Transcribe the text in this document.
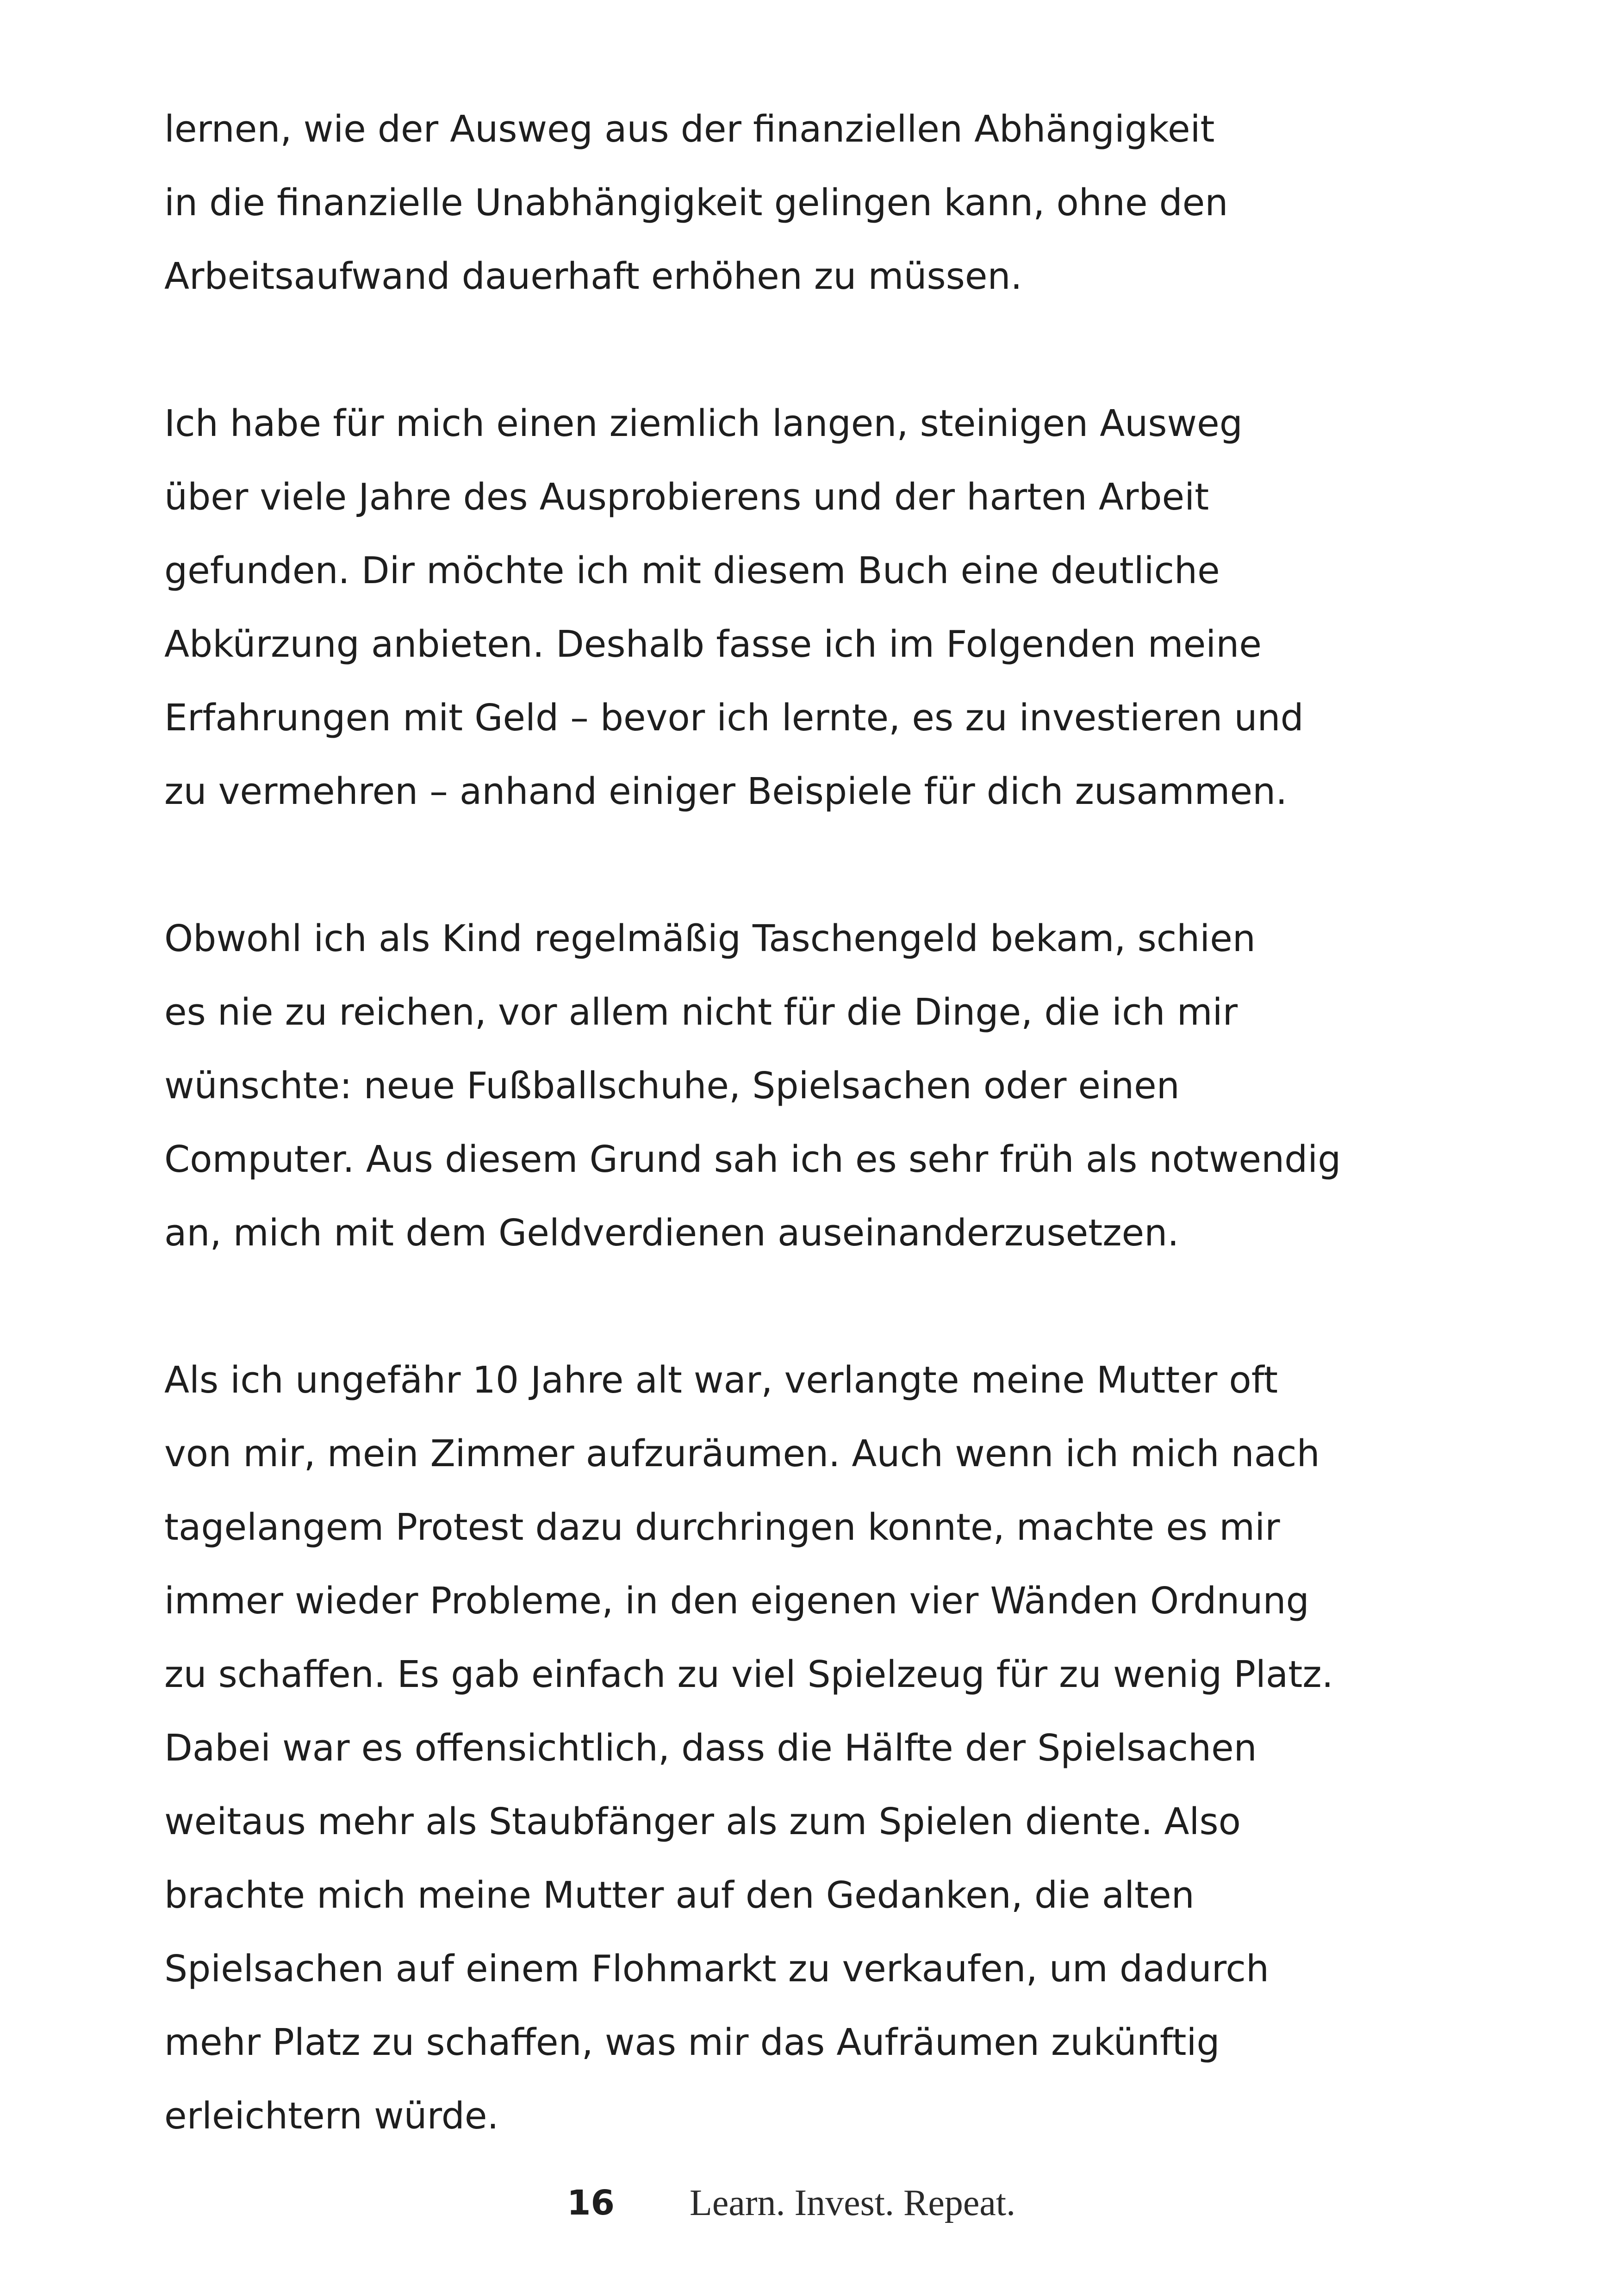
lernen, wie der Ausweg aus der finanziellen Abhängigkeit
in die finanzielle Unabhängigkeit gelingen kann, ohne den
Arbeitsaufwand dauerhaft erhöhen zu müssen.

Ich habe für mich einen ziemlich langen, steinigen Ausweg
über viele Jahre des Ausprobierens und der harten Arbeit
gefunden. Dir möchte ich mit diesem Buch eine deutliche
Abkürzung anbieten. Deshalb fasse ich im Folgenden meine
Erfahrungen mit Geld – bevor ich lernte, es zu investieren und
zu vermehren – anhand einiger Beispiele für dich zusammen.

Obwohl ich als Kind regelmäßig Taschengeld bekam, schien
es nie zu reichen, vor allem nicht für die Dinge, die ich mir
wünschte: neue Fußballschuhe, Spielsachen oder einen
Computer. Aus diesem Grund sah ich es sehr früh als notwendig
an, mich mit dem Geldverdienen auseinanderzusetzen.

Als ich ungefähr 10 Jahre alt war, verlangte meine Mutter oft
von mir, mein Zimmer aufzuräumen. Auch wenn ich mich nach
tagelangem Protest dazu durchringen konnte, machte es mir
immer wieder Probleme, in den eigenen vier Wänden Ordnung
zu schaffen. Es gab einfach zu viel Spielzeug für zu wenig Platz.
Dabei war es offensichtlich, dass die Hälfte der Spielsachen
weitaus mehr als Staubfänger als zum Spielen diente. Also
brachte mich meine Mutter auf den Gedanken, die alten
Spielsachen auf einem Flohmarkt zu verkaufen, um dadurch
mehr Platz zu schaffen, was mir das Aufräumen zukünftig
erleichtern würde.

16 Learn. Invest. Repeat.
